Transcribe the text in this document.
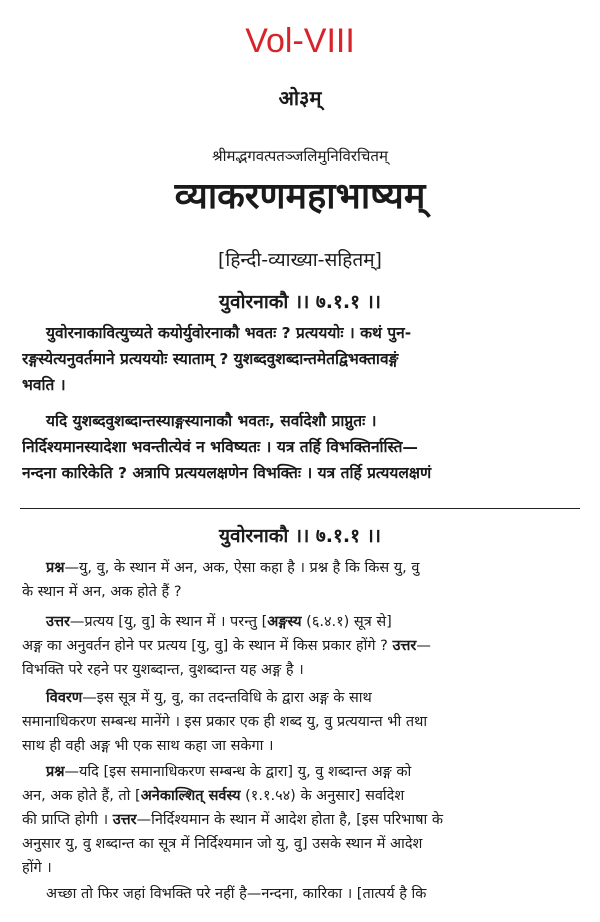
Vol-VIII
ओ३म्
श्रीमद्भगवत्पतञ्जलिमुनिविरचितम्
व्याकरणमहाभाष्यम्
[हिन्दी-व्याख्या-सहितम्]
युवोरनाकौ ।। ७.१.१ ।।
युवोरनाकावित्युच्यते कयोर्युवोरनाकौ भवतः ? प्रत्यययोः । कथं पुन-
रङ्गस्येत्यनुवर्तमाने प्रत्यययोः स्याताम् ? युशब्दवुशब्दान्तमेतद्विभक्तावङ्गं
भवति ।
यदि युशब्दवुशब्दान्तस्याङ्गस्यानाकौ भवतः, सर्वादेशौ प्राप्नुतः ।
निर्दिश्यमानस्यादेशा भवन्तीत्येवं न भविष्यतः । यत्र तर्हि विभक्तिर्नास्ति—
नन्दना कारिकेति ? अत्रापि प्रत्ययलक्षणेन विभक्तिः । यत्र तर्हि प्रत्ययलक्षणं
युवोरनाकौ ।। ७.१.१ ।।
प्रश्न—यु, वु, के स्थान में अन, अक, ऐसा कहा है । प्रश्न है कि किस यु, वु
के स्थान में अन, अक होते हैं ?
उत्तर—प्रत्यय [यु, वु] के स्थान में । परन्तु [अङ्गस्य (६.४.१) सूत्र से]
अङ्ग का अनुवर्तन होने पर प्रत्यय [यु, वु] के स्थान में किस प्रकार होंगे ? उत्तर—
विभक्ति परे रहने पर युशब्दान्त, वुशब्दान्त यह अङ्ग है ।
विवरण—इस सूत्र में यु, वु, का तदन्तविधि के द्वारा अङ्ग के साथ
समानाधिकरण सम्बन्ध मानेंगे । इस प्रकार एक ही शब्द यु, वु प्रत्ययान्त भी तथा
साथ ही वही अङ्ग भी एक साथ कहा जा सकेगा ।
प्रश्न—यदि [इस समानाधिकरण सम्बन्ध के द्वारा] यु, वु शब्दान्त अङ्ग को
अन, अक होते हैं, तो [अनेकाल्शित् सर्वस्य (१.१.५४) के अनुसार] सर्वादेश
की प्राप्ति होगी । उत्तर—निर्दिश्यमान के स्थान में आदेश होता है, [इस परिभाषा के
अनुसार यु, वु शब्दान्त का सूत्र में निर्दिश्यमान जो यु, वु] उसके स्थान में आदेश
होंगे ।
अच्छा तो फिर जहां विभक्ति परे नहीं है—नन्दना, कारिका । [तात्पर्य है कि
